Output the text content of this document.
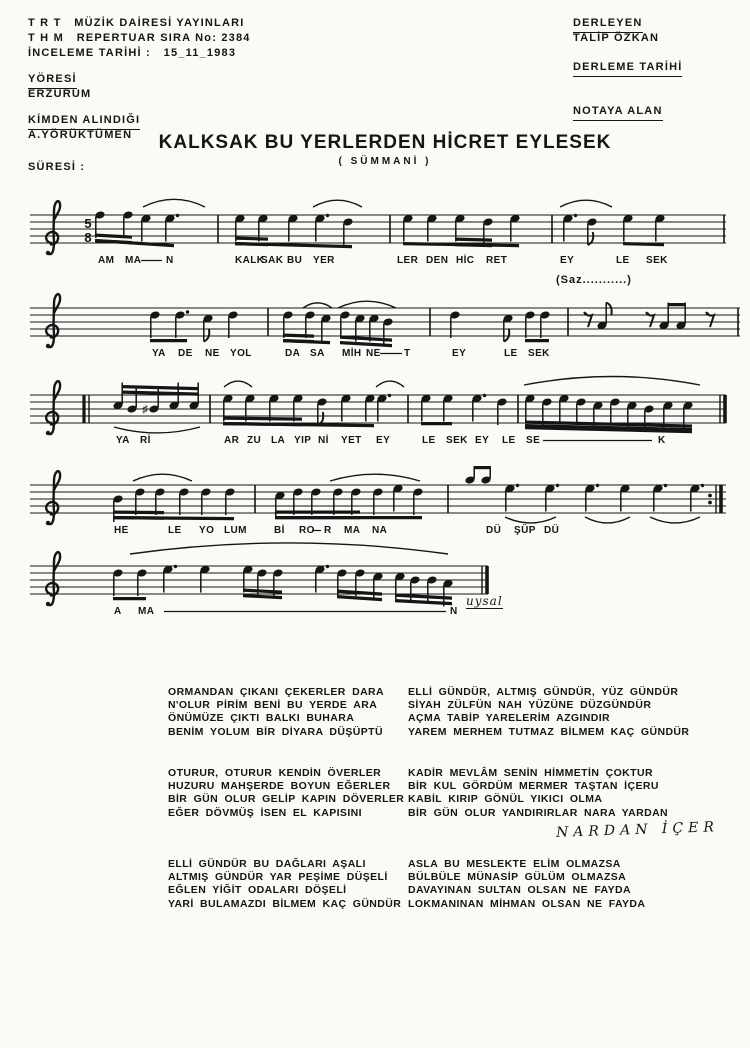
T R T   MÜZİK DAİRESİ YAYINLARI
T H M   REPERTUAR SIRA No: 2384
İNCELEME TARİHİ :   15_11_1983
YÖRESİ
ERZURUM
KİMDEN ALINDIĞI
A.YÖRÜKTÜMEN
SÜRESİ :
DERLEYEN
TALİP ÖZKAN
DERLEME TARİHİ
NOTAYA ALAN
KALKSAK BU YERLERDEN HİCRET EYLESEK
( SÜMMANİ )
(Saz...........)
uysal
5
8
AM MA N	KALK
SAK BU YER	LER DEN HİC RET	EY	LE SEK
YA DE NE YOL	DA SA MİH NE T	EY	LE SEK
♯
YA Rİ	AR ZU LA YIP Nİ YET EY	LE SEK EY LE SE	K
HE	LE YO LUM	Bİ RO R MA NA	DÜ ŞÜP DÜ
A MA	N
ORMANDAN ÇIKANI ÇEKERLER DARA
N'OLUR PİRİM BENİ BU YERDE ARA
ÖNÜMÜZE ÇIKTI BALKI BUHARA
BENİM YOLUM BİR DİYARA DÜŞÜPTÜ
ELLİ GÜNDÜR, ALTMIŞ GÜNDÜR, YÜZ GÜNDÜR
SİYAH ZÜLFÜN NAH YÜZÜNE DÜZGÜNDÜR
AÇMA TABİP YARELERİM AZGINDIR
YAREM MERHEM TUTMAZ BİLMEM KAÇ GÜNDÜR
OTURUR, OTURUR KENDİN ÖVERLER
HUZURU MAHŞERDE BOYUN EĞERLER
BİR GÜN OLUR GELİP KAPIN DÖVERLER
EĞER DÖVMÜŞ İSEN EL KAPISINI
KADİR MEVLÂM SENİN HİMMETİN ÇOKTUR
BİR KUL GÖRDÜM MERMER TAŞTAN İÇERU
KABİL KIRIP GÖNÜL YIKICI OLMA
BİR GÜN OLUR YANDIRIRLAR NARA YARDAN
NARDAN İÇER
ELLİ GÜNDÜR BU DAĞLARI AŞALI
ALTMIŞ GÜNDÜR YAR PEŞİME DÜŞELİ
EĞLEN YİĞİT ODALARI DÖŞELİ
YARİ BULAMAZDI BİLMEM KAÇ GÜNDÜR
ASLA BU MESLEKTE ELİM OLMAZSA
BÜLBÜLE MÜNASİP GÜLÜM OLMAZSA
DAVAYINAN SULTAN OLSAN NE FAYDA
LOKMANINAN MİHMAN OLSAN NE FAYDA
